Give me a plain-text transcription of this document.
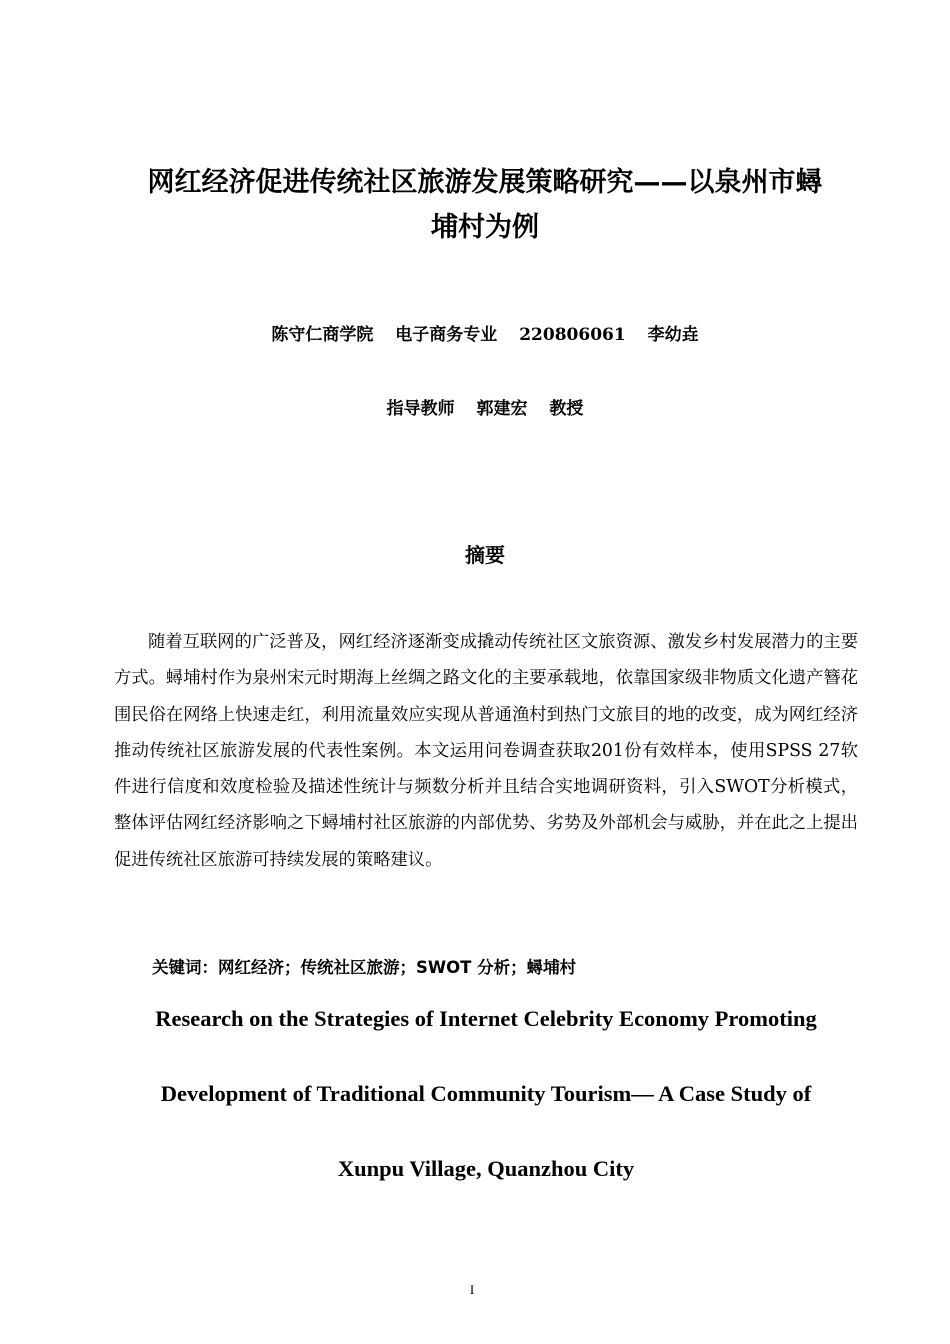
网红经济促进传统社区旅游发展策略研究——以泉州市蟳
埔村为例
陈守仁商学院 电子商务专业 220806061 李幼垚
指导教师 郭建宏 教授
摘要

随着互联网的广泛普及，网红经济逐渐变成撬动传统社区文旅资源、激发乡村发展潜力的主要方式。蟳埔村作为泉州宋元时期海上丝绸之路文化的主要承载地，依靠国家级非物质文化遗产簪花围民俗在网络上快速走红，利用流量效应实现从普通渔村到热门文旅目的地的改变，成为网红经济推动传统社区旅游发展的代表性案例。本文运用问卷调查获取201份有效样本，使用SPSS 27软件进行信度和效度检验及描述性统计与频数分析并且结合实地调研资料，引入SWOT分析模式，整体评估网红经济影响之下蟳埔村社区旅游的内部优势、劣势及外部机会与威胁，并在此之上提出促进传统社区旅游可持续发展的策略建议。

关键词：网红经济；传统社区旅游；SWOT 分析；蟳埔村
Research on the Strategies of Internet Celebrity Economy Promoting
Development of Traditional Community Tourism— A Case Study of
Xunpu Village, Quanzhou City
I
